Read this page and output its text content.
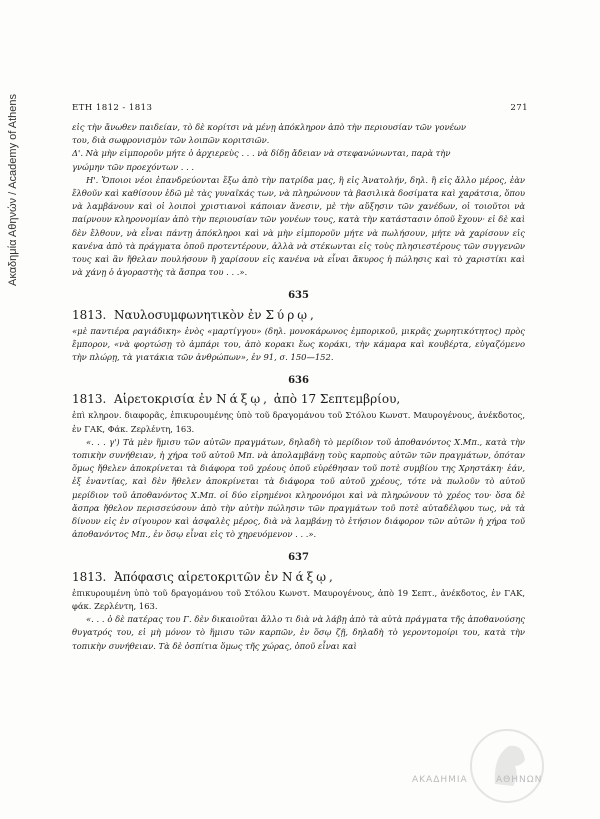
Ακαδημία Αθηνών / Academy of Athens	ΕΤΗ 1812 - 1813	271

εἰς τὴν ἄνωθεν παιδείαν, τὸ δὲ κορίτσι νὰ μένῃ ἀπόκληρον ἀπὸ τὴν περιουσίαν τῶν γονέων

του, διὰ σωφρονισμὸν τῶν λοιπῶν κοριτσιῶν.

Δ'. Νὰ μὴν εἰμποροῦν μήτε ὁ ἀρχιερεὺς . . . νὰ δίδῃ ἄδειαν νὰ στεφανώνωνται, παρὰ τὴν

γνώμην τῶν προεχόντων . . .

Η'. Ὅποιοι νέοι ἐπανδρεύονται ἔξω ἀπὸ τὴν πατρίδα μας, ἢ εἰς Ἀνατολήν, δηλ. ἢ εἰς ἄλλο μέρος, ἐὰν ἔλθοῦν καὶ καθίσουν ἐδῶ μὲ τὰς γυναῖκάς των, νὰ πληρώνουν τὰ βασιλικὰ δοσίματα καὶ χαράτσια, ὅπου νὰ λαμβάνουν καὶ οἱ λοιποὶ χριστιανοὶ κάποιαν ἄνεσιν, μὲ τὴν αὔξησιν τῶν χανέδων, οἱ τοιοῦτοι νὰ παίρνουν κληρονομίαν ἀπὸ τὴν περιουσίαν τῶν γονέων τους, κατὰ τὴν κατάστασιν ὁποῦ ἔχουν· εἰ δὲ καὶ δὲν ἔλθουν, νὰ εἶναι πάντῃ ἀπόκληροι καὶ νὰ μὴν εἰμποροῦν μήτε νὰ πωλήσουν, μήτε νὰ χαρίσουν εἰς κανένα ἀπὸ τὰ πράγματα ὁποῦ προτεντέρουν, ἀλλὰ νὰ στέκωνται εἰς τοὺς πλησιεστέρους τῶν συγγενῶν τους καὶ ἂν ἤθελαν πουλήσουν ἢ χαρίσουν εἰς κανένα νὰ εἶναι ἄκυρος ἡ πώλησις καὶ τὸ χαριστίκι καὶ νὰ χάνῃ ὁ ἀγοραστὴς τὰ ἄσπρα του . . .».

635
1813. Ναυλοσυμφωνητικὸν ἐν Σύρῳ,

«μὲ παντιέρα ραγιάδικη» ἑνὸς «μαρτίγγου» (δηλ. μονοκάρωνος ἐμπορικοῦ, μικρᾶς χωρητικότητος) πρὸς ἔμπορον, «νὰ φορτώσῃ τὸ ἀμπάρι του, ἀπὸ κορακι ἕως κοράκι, τὴν κάμαρα καὶ κουβέρτα, εὐγαζόμενο τὴν πλώρῃ, τὰ γιατάκια τῶν ἀνθρώπων», ἐν 91, σ. 150—152.

636
1813. Αἱρετοκρισία ἐν Νάξῳ, ἀπὸ 17 Σεπτεμβρίου,

ἐπὶ κληρον. διαφορᾶς, ἐπικυρουμένης ὑπὸ τοῦ δραγομάνου τοῦ Στόλου Κωνστ. Μαυρογένους, ἀνέκδοτος, ἐν ΓΑΚ, Φάκ. Ζερλέντη, 163.

«. . . γ') Τὰ μὲν ἥμισυ τῶν αὐτῶν πραγμάτων, δηλαδὴ τὸ μερίδιον τοῦ ἀποθανόντος Χ.Μπ., κατὰ τὴν τοπικὴν συνήθειαν, ἡ χήρα τοῦ αὐτοῦ Μπ. νὰ ἀπολαμβάνῃ τοὺς καρποὺς αὐτῶν τῶν πραγμάτων, ὁπόταν ὅμως ἤθελεν ἀποκρίνεται τὰ διάφορα τοῦ χρέους ὁποῦ εὑρέθησαν τοῦ ποτὲ συμβίου της Χρηστάκη· ἐάν, ἐξ ἐναντίας, καὶ δὲν ἤθελεν ἀποκρίνεται τὰ διάφορα τοῦ αὐτοῦ χρέους, τότε νὰ πωλοῦν τὸ αὐτοῦ μερίδιον τοῦ ἀποθανόντος Χ.Μπ. οἱ δύο εἰρημένοι κληρονόμοι καὶ νὰ πληρώνουν τὸ χρέος του· ὅσα δὲ ἄσπρα ἤθελον περισσεύσουν ἀπὸ τὴν αὐτὴν πώλησιν τῶν πραγμάτων τοῦ ποτὲ αὐταδέλφου τως, νὰ τὰ δίνουν εἰς ἐν σίγουρον καὶ ἀσφαλὲς μέρος, διὰ νὰ λαμβάνῃ τὸ ἐτήσιον διάφορον τῶν αὐτῶν ἡ χήρα τοῦ ἀποθανόντος Μπ., ἐν ὅσῳ εἶναι εἰς τὸ χηρευόμενον . . .».

637
1813. Ἀπόφασις αἱρετοκριτῶν ἐν Νάξῳ,

ἐπικυρουμένη ὑπὸ τοῦ δραγομάνου τοῦ Στόλου Κωνστ. Μαυρογένους, ἀπὸ 19 Σεπτ., ἀνέκδοτος, ἐν ΓΑΚ, φάκ. Ζερλέντη, 163.

«. . . ὁ δὲ πατέρας του Γ. δὲν δικαιοῦται ἄλλο τι διὰ νὰ λάβῃ ἀπὸ τὰ αὐτὰ πράγματα τῆς ἀποθανούσης θυγατρός του, εἰ μὴ μόνον τὸ ἥμισυ τῶν καρπῶν, ἐν ὅσῳ ζῇ, δηλαδὴ τὸ γεροντομοίρι του, κατὰ τὴν τοπικὴν συνήθειαν. Τὰ δὲ ὁσπίτια ὅμως τῆς χώρας, ὁποῦ εἶναι καὶ

ΑΚΑΔΗΜΙΑ	ΑΘΗΝΩΝ
